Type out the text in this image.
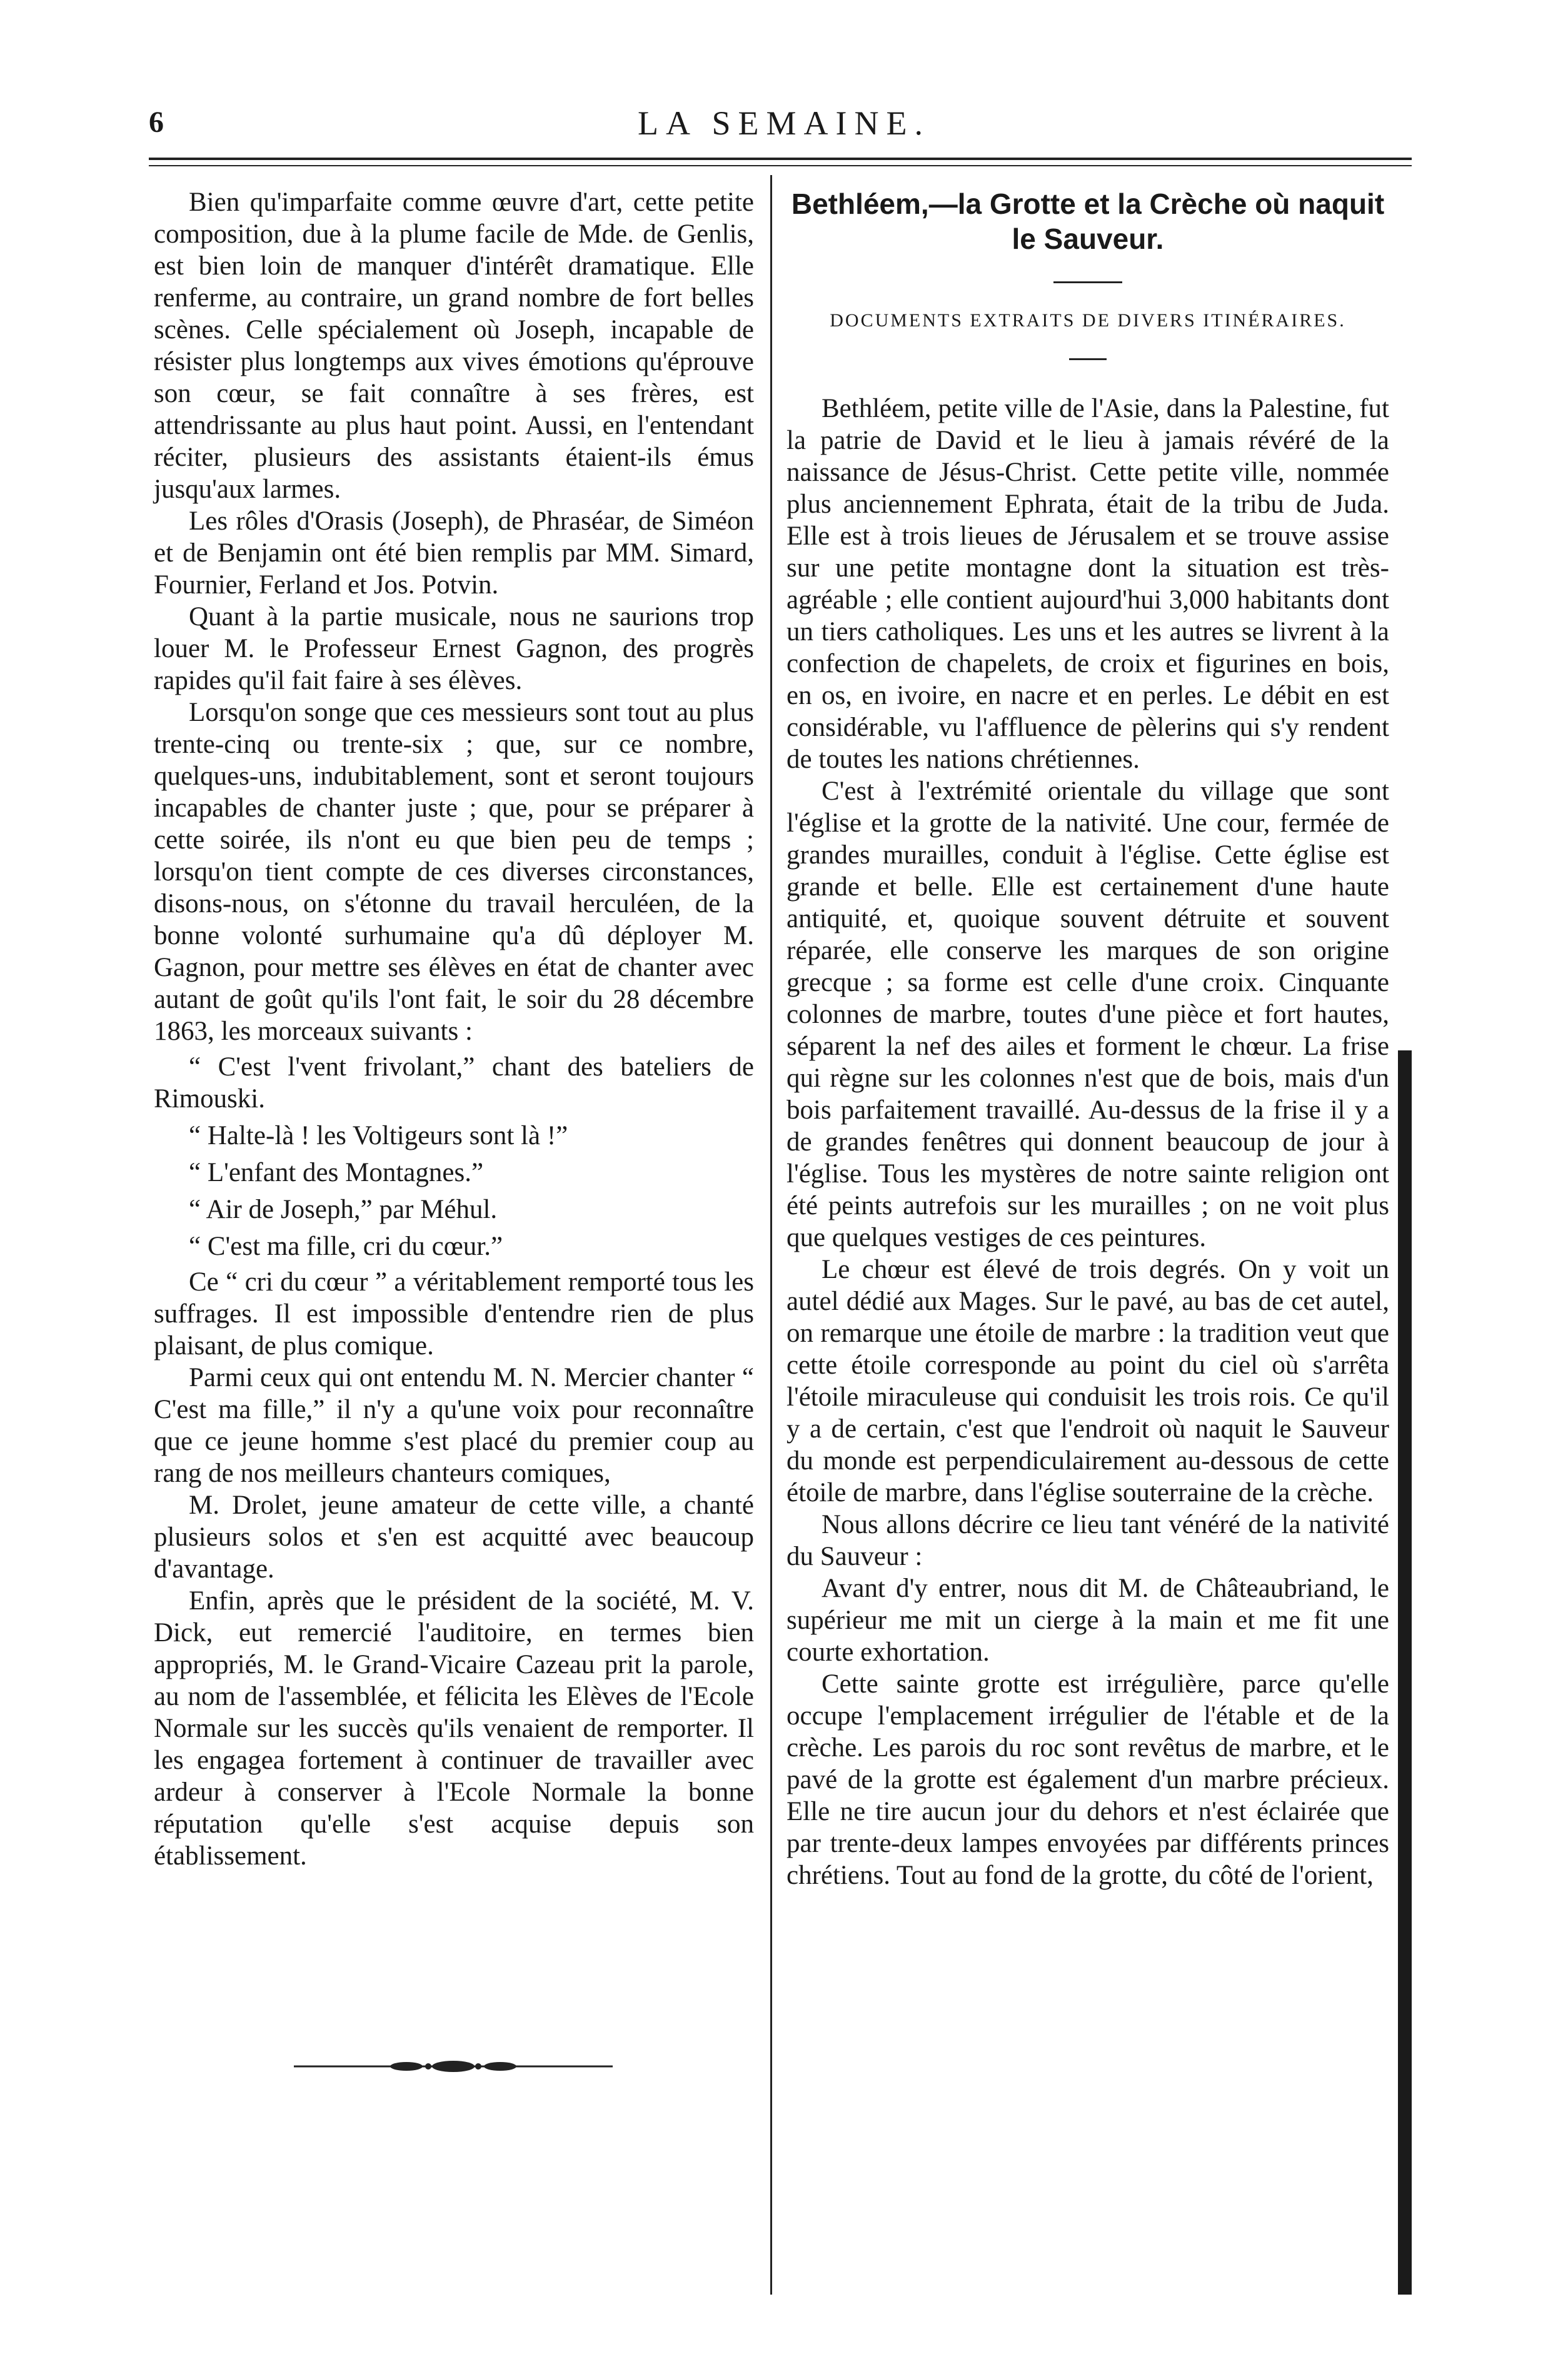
6	LA SEMAINE.

Bien qu'imparfaite comme œuvre d'art, cette petite composition, due à la plume facile de Mde. de Genlis, est bien loin de manquer d'intérêt dramatique. Elle renferme, au contraire, un grand nombre de fort belles scènes. Celle spécialement où Joseph, incapable de résister plus longtemps aux vives émotions qu'éprouve son cœur, se fait connaître à ses frères, est attendrissante au plus haut point. Aussi, en l'entendant réciter, plusieurs des assistants étaient-ils émus jusqu'aux larmes.

Les rôles d'Orasis (Joseph), de Phraséar, de Siméon et de Benjamin ont été bien remplis par MM. Simard, Fournier, Ferland et Jos. Potvin.

Quant à la partie musicale, nous ne saurions trop louer M. le Professeur Ernest Gagnon, des progrès rapides qu'il fait faire à ses élèves.

Lorsqu'on songe que ces messieurs sont tout au plus trente-cinq ou trente-six ; que, sur ce nombre, quelques-uns, indubitablement, sont et seront toujours incapables de chanter juste ; que, pour se préparer à cette soirée, ils n'ont eu que bien peu de temps ; lorsqu'on tient compte de ces diverses circonstances, disons-nous, on s'étonne du travail herculéen, de la bonne volonté surhumaine qu'a dû déployer M. Gagnon, pour mettre ses élèves en état de chanter avec autant de goût qu'ils l'ont fait, le soir du 28 décembre 1863, les morceaux suivants :

“ C'est l'vent frivolant,” chant des bateliers de Rimouski.

“ Halte-là ! les Voltigeurs sont là !”

“ L'enfant des Montagnes.”

“ Air de Joseph,” par Méhul.

“ C'est ma fille, cri du cœur.”

Ce “ cri du cœur ” a véritablement remporté tous les suffrages. Il est impossible d'entendre rien de plus plaisant, de plus comique.

Parmi ceux qui ont entendu M. N. Mercier chanter “ C'est ma fille,” il n'y a qu'une voix pour reconnaître que ce jeune homme s'est placé du premier coup au rang de nos meilleurs chanteurs comiques,

M. Drolet, jeune amateur de cette ville, a chanté plusieurs solos et s'en est acquitté avec beaucoup d'avantage.

Enfin, après que le président de la société, M. V. Dick, eut remercié l'auditoire, en termes bien appropriés, M. le Grand-Vicaire Cazeau prit la parole, au nom de l'assemblée, et félicita les Elèves de l'Ecole Normale sur les succès qu'ils venaient de remporter. Il les engagea fortement à continuer de travailler avec ardeur à conserver à l'Ecole Normale la bonne réputation qu'elle s'est acquise depuis son établissement.

Bethléem,—la Grotte et la Crèche où naquit le Sauveur.

DOCUMENTS EXTRAITS DE DIVERS ITINÉRAIRES.

Bethléem, petite ville de l'Asie, dans la Palestine, fut la patrie de David et le lieu à jamais révéré de la naissance de Jésus-Christ. Cette petite ville, nommée plus anciennement Ephrata, était de la tribu de Juda. Elle est à trois lieues de Jérusalem et se trouve assise sur une petite montagne dont la situation est très-agréable ; elle contient aujourd'hui 3,000 habitants dont un tiers catholiques. Les uns et les autres se livrent à la confection de chapelets, de croix et figurines en bois, en os, en ivoire, en nacre et en perles. Le débit en est considérable, vu l'affluence de pèlerins qui s'y rendent de toutes les nations chrétiennes.

C'est à l'extrémité orientale du village que sont l'église et la grotte de la nativité. Une cour, fermée de grandes murailles, conduit à l'église. Cette église est grande et belle. Elle est certainement d'une haute antiquité, et, quoique souvent détruite et souvent réparée, elle conserve les marques de son origine grecque ; sa forme est celle d'une croix. Cinquante colonnes de marbre, toutes d'une pièce et fort hautes, séparent la nef des ailes et forment le chœur. La frise qui règne sur les colonnes n'est que de bois, mais d'un bois parfaitement travaillé. Au-dessus de la frise il y a de grandes fenêtres qui donnent beaucoup de jour à l'église. Tous les mystères de notre sainte religion ont été peints autrefois sur les murailles ; on ne voit plus que quelques vestiges de ces peintures.

Le chœur est élevé de trois degrés. On y voit un autel dédié aux Mages. Sur le pavé, au bas de cet autel, on remarque une étoile de marbre : la tradition veut que cette étoile corresponde au point du ciel où s'arrêta l'étoile miraculeuse qui conduisit les trois rois. Ce qu'il y a de certain, c'est que l'endroit où naquit le Sauveur du monde est perpendiculairement au-dessous de cette étoile de marbre, dans l'église souterraine de la crèche.

Nous allons décrire ce lieu tant vénéré de la nativité du Sauveur :

Avant d'y entrer, nous dit M. de Châteaubriand, le supérieur me mit un cierge à la main et me fit une courte exhortation.

Cette sainte grotte est irrégulière, parce qu'elle occupe l'emplacement irrégulier de l'étable et de la crèche. Les parois du roc sont revêtus de marbre, et le pavé de la grotte est également d'un marbre précieux. Elle ne tire aucun jour du dehors et n'est éclairée que par trente-deux lampes envoyées par différents princes chrétiens. Tout au fond de la grotte, du côté de l'orient,
